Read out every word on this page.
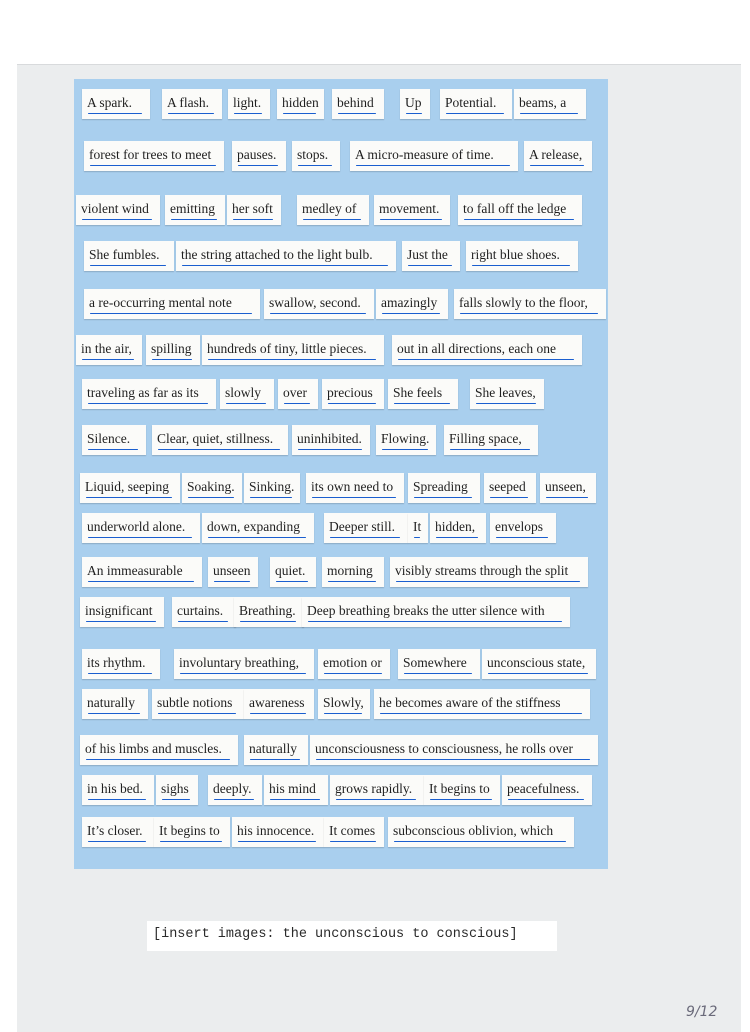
A spark.	A flash.	light.	hidden	behind	Up	Potential.	beams, a
forest for trees to meet	pauses.	stops.	A micro-measure of time.	A release,
violent wind	emitting	her soft	medley of	movement.	to fall off the ledge
She fumbles.	the string attached to the light bulb.	Just the	right blue shoes.
a re-occurring mental note	swallow, second.	amazingly	falls slowly to the floor,
in the air,	spilling	hundreds of tiny, little pieces.	out in all directions, each one
traveling as far as its	slowly	over	precious	She feels	She leaves,
Silence.	Clear, quiet, stillness.	uninhibited.	Flowing.	Filling space,
Liquid, seeping	Soaking.	Sinking.	its own need to	Spreading	seeped	unseen,
underworld alone.	down, expanding	Deeper still.	It	hidden,	envelops
An immeasurable	unseen	quiet.	morning	visibly streams through the split
insignificant	curtains.	Breathing. Deep breathing breaks the utter silence with
its rhythm.	involuntary breathing,	emotion or	Somewhere	unconscious state,
naturally	subtle notions	awareness	Slowly,	he becomes aware of the stiffness
of his limbs and muscles.	naturally	unconsciousness to consciousness, he rolls over
in his bed.	sighs	deeply.	his mind	grows rapidly.	It begins to	peacefulness.
It’s closer.	It begins to	his innocence.	It comes	subconscious oblivion, which
[insert images: the unconscious to conscious]
9/12
